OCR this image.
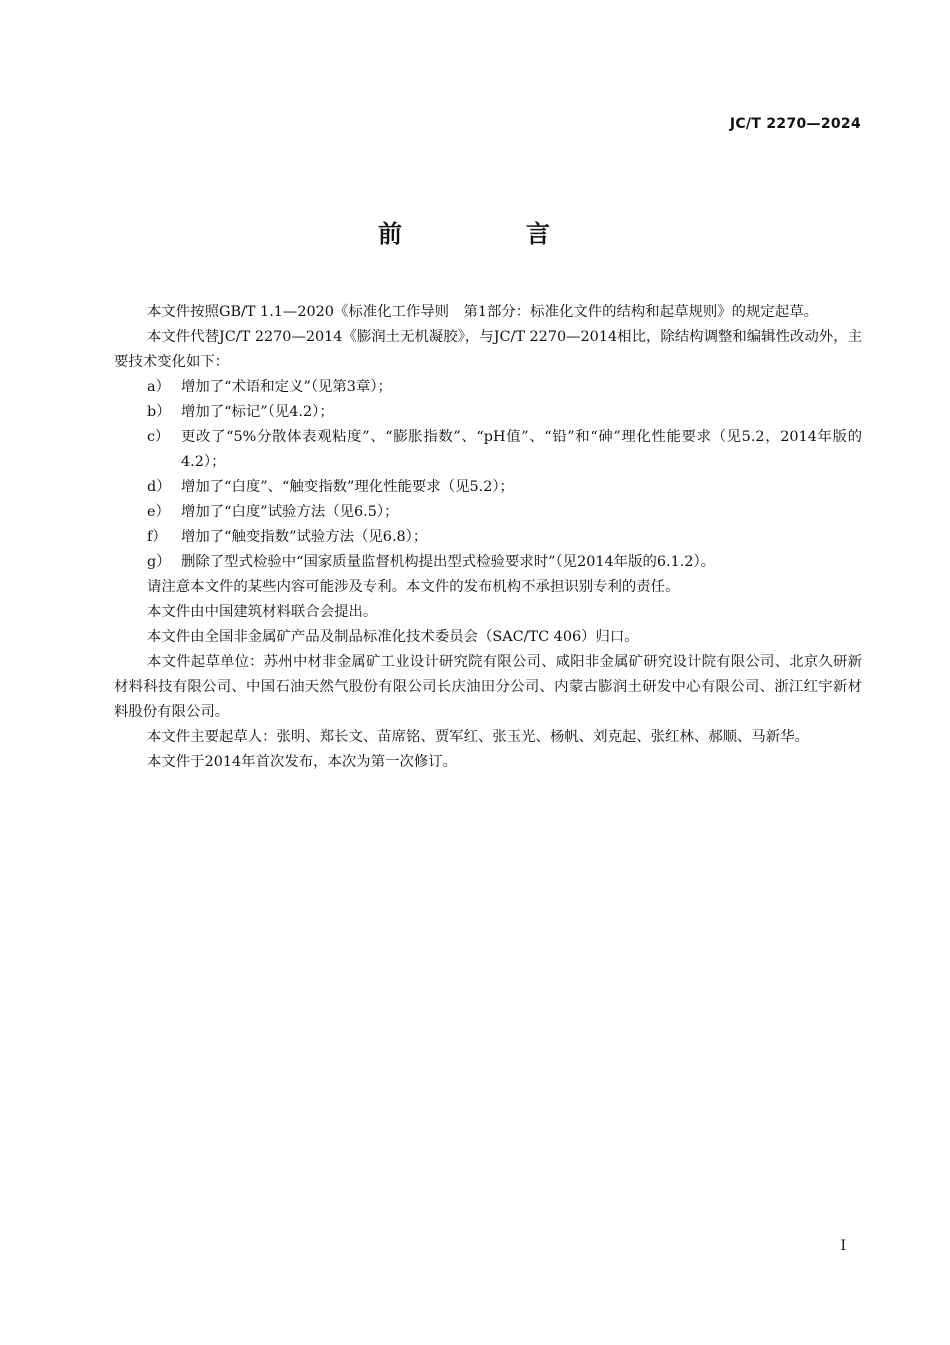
JC/T 2270—2024
前　言

本文件按照GB/T 1.1—2020《标准化工作导则　第1部分：标准化文件的结构和起草规则》的规定起草。

本文件代替JC/T 2270—2014《膨润土无机凝胶》，与JC/T 2270—2014相比，除结构调整和编辑性改动外，主要技术变化如下：

a） 增加了“术语和定义”（见第3章）；

b） 增加了“标记”（见4.2）；

c） 更改了“5%分散体表观粘度”、“膨胀指数”、“pH值”、“铅”和“砷”理化性能要求（见5.2，2014年版的4.2）；

d） 增加了“白度”、“触变指数”理化性能要求（见5.2）；

e） 增加了“白度”试验方法（见6.5）；

f） 增加了“触变指数”试验方法（见6.8）；

g） 删除了型式检验中“国家质量监督机构提出型式检验要求时”（见2014年版的6.1.2）。

请注意本文件的某些内容可能涉及专利。本文件的发布机构不承担识别专利的责任。

本文件由中国建筑材料联合会提出。

本文件由全国非金属矿产品及制品标准化技术委员会（SAC/TC 406）归口。

本文件起草单位：苏州中材非金属矿工业设计研究院有限公司、咸阳非金属矿研究设计院有限公司、北京久研新材料科技有限公司、中国石油天然气股份有限公司长庆油田分公司、内蒙古膨润土研发中心有限公司、浙江红宇新材料股份有限公司。

本文件主要起草人：张明、郑长文、苗席铭、贾军红、张玉光、杨帆、刘克起、张红林、郝顺、马新华。

本文件于2014年首次发布，本次为第一次修订。

I
